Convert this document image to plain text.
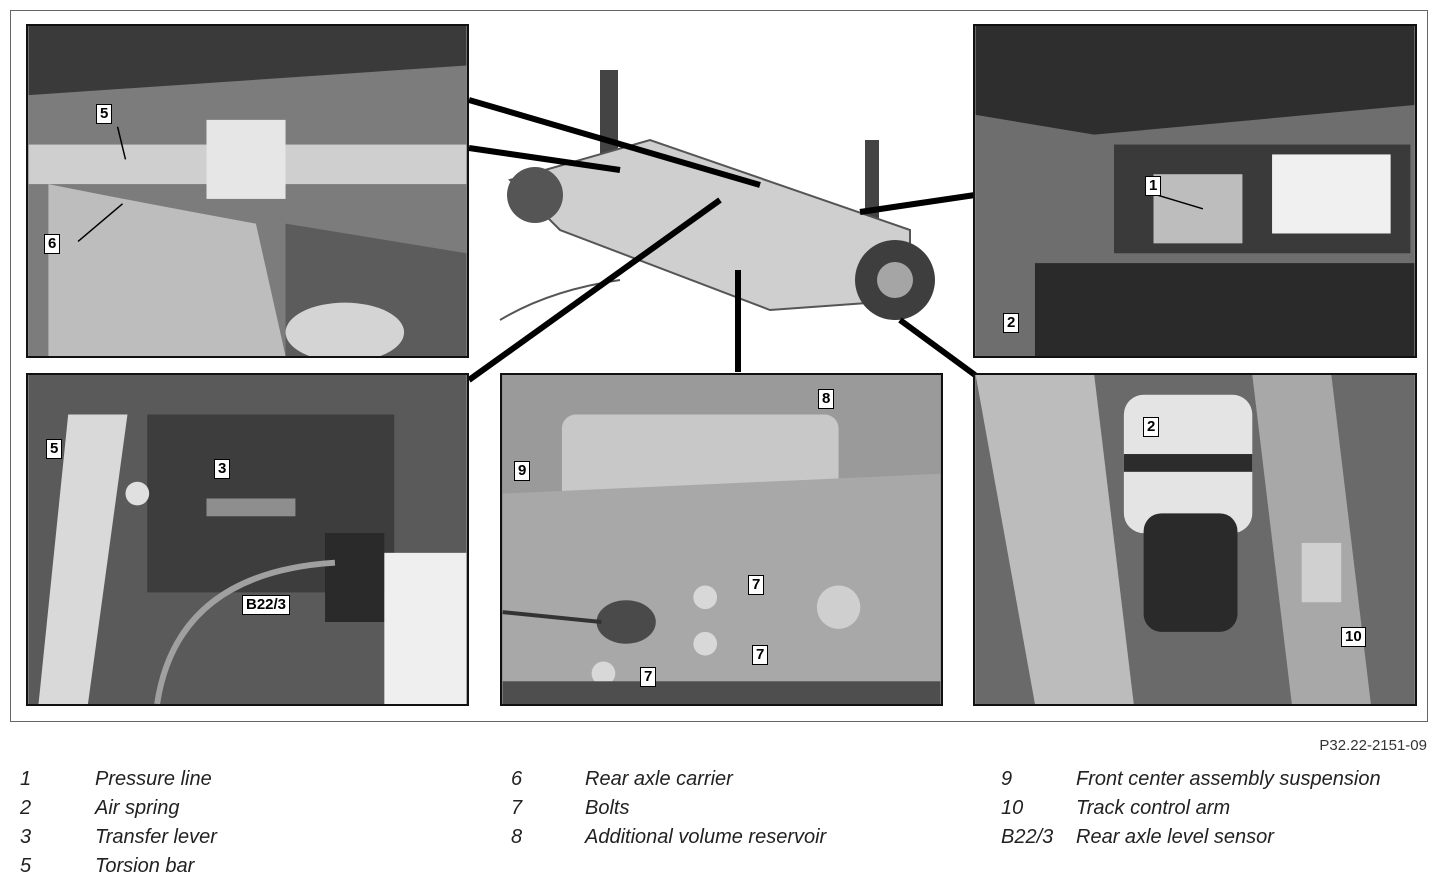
5
6
1
2
5
3
B22/3
8
9
7
7
7
2
10
P32.22-2151-09
1	Pressure line
2	Air spring
3	Transfer lever
5	Torsion bar
6	Rear axle carrier
7	Bolts
8	Additional volume reservoir
9	Front center assembly suspension
10	Track control arm
B22/3 Rear axle level sensor
